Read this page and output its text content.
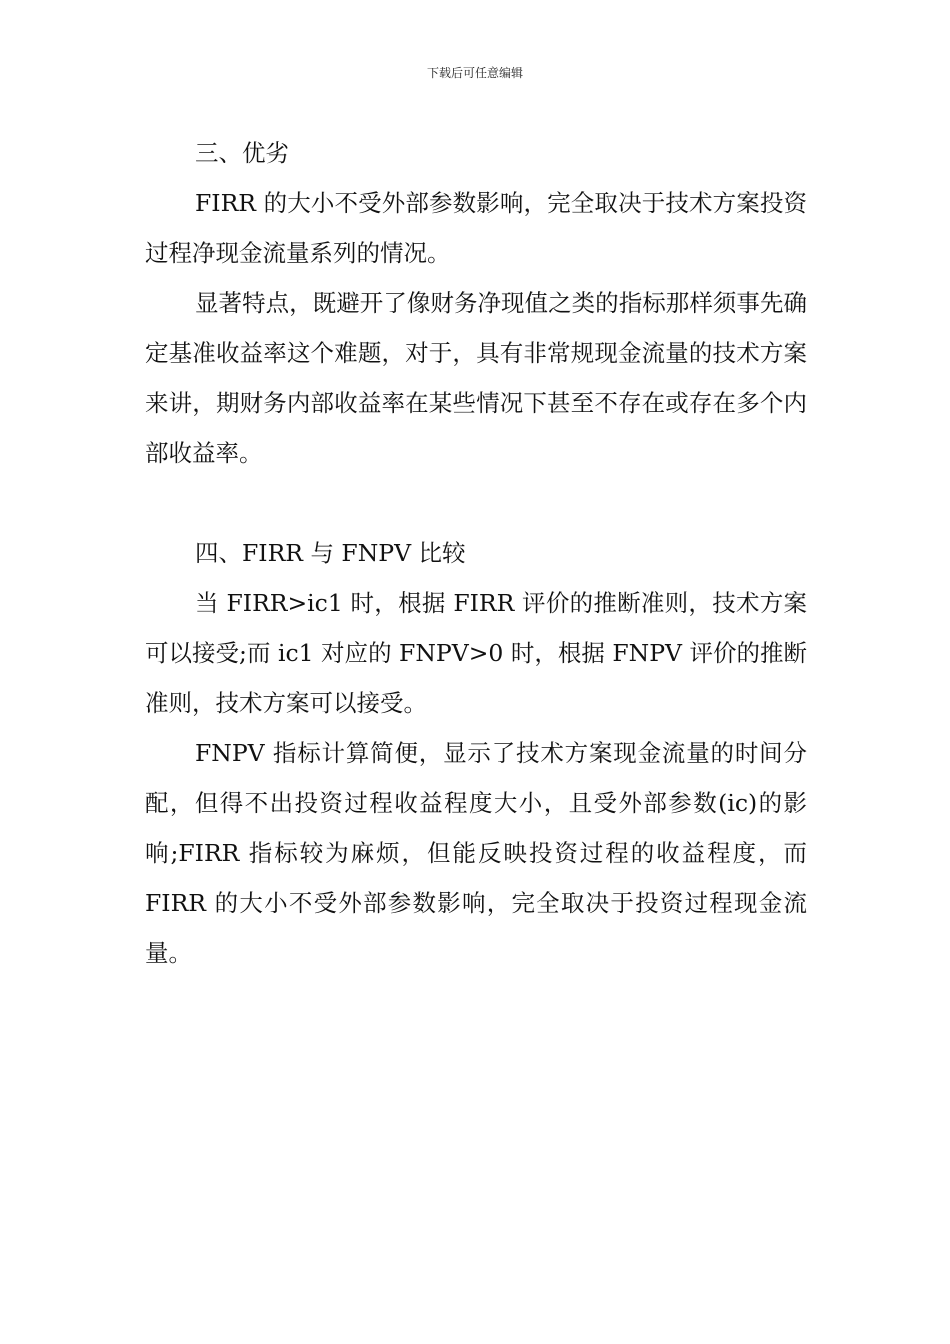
下载后可任意编辑
三、优劣

FIRR 的大小不受外部参数影响，完全取决于技术方案投资过程净现金流量系列的情况。

显著特点，既避开了像财务净现值之类的指标那样须事先确定基准收益率这个难题，对于，具有非常规现金流量的技术方案来讲，期财务内部收益率在某些情况下甚至不存在或存在多个内部收益率。

四、FIRR 与 FNPV 比较

当 FIRR>ic1 时，根据 FIRR 评价的推断准则，技术方案可以接受;而 ic1 对应的 FNPV>0 时，根据 FNPV 评价的推断准则，技术方案可以接受。

FNPV 指标计算简便，显示了技术方案现金流量的时间分配，但得不出投资过程收益程度大小，且受外部参数(ic)的影响;FIRR 指标较为麻烦，但能反映投资过程的收益程度，而 FIRR 的大小不受外部参数影响，完全取决于投资过程现金流量。
